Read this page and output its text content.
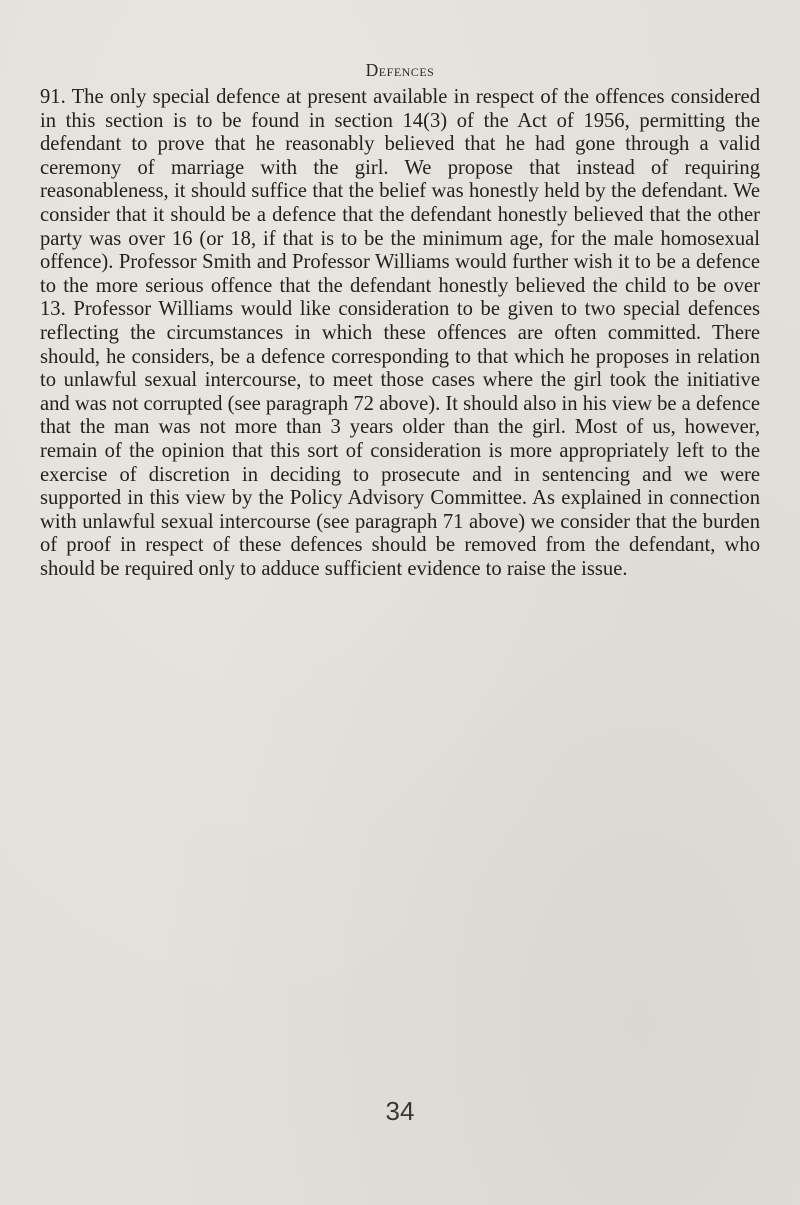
Defences

91. The only special defence at present available in respect of the offences considered in this section is to be found in section 14(3) of the Act of 1956, permitting the defendant to prove that he reasonably believed that he had gone through a valid ceremony of marriage with the girl. We propose that instead of requiring reasonableness, it should suffice that the belief was honestly held by the defendant. We consider that it should be a defence that the defendant honestly believed that the other party was over 16 (or 18, if that is to be the minimum age, for the male homosexual offence). Professor Smith and Professor Williams would further wish it to be a defence to the more serious offence that the defendant honestly believed the child to be over 13. Professor Williams would like consideration to be given to two special defences reflecting the circumstances in which these offences are often committed. There should, he considers, be a defence corresponding to that which he proposes in relation to unlawful sexual intercourse, to meet those cases where the girl took the initiative and was not corrupted (see paragraph 72 above). It should also in his view be a defence that the man was not more than 3 years older than the girl. Most of us, however, remain of the opinion that this sort of consideration is more appropriately left to the exercise of discretion in deciding to prosecute and in sentencing and we were supported in this view by the Policy Advisory Committee. As explained in connection with unlawful sexual intercourse (see paragraph 71 above) we consider that the burden of proof in respect of these defences should be removed from the defendant, who should be required only to adduce sufficient evidence to raise the issue.

34
